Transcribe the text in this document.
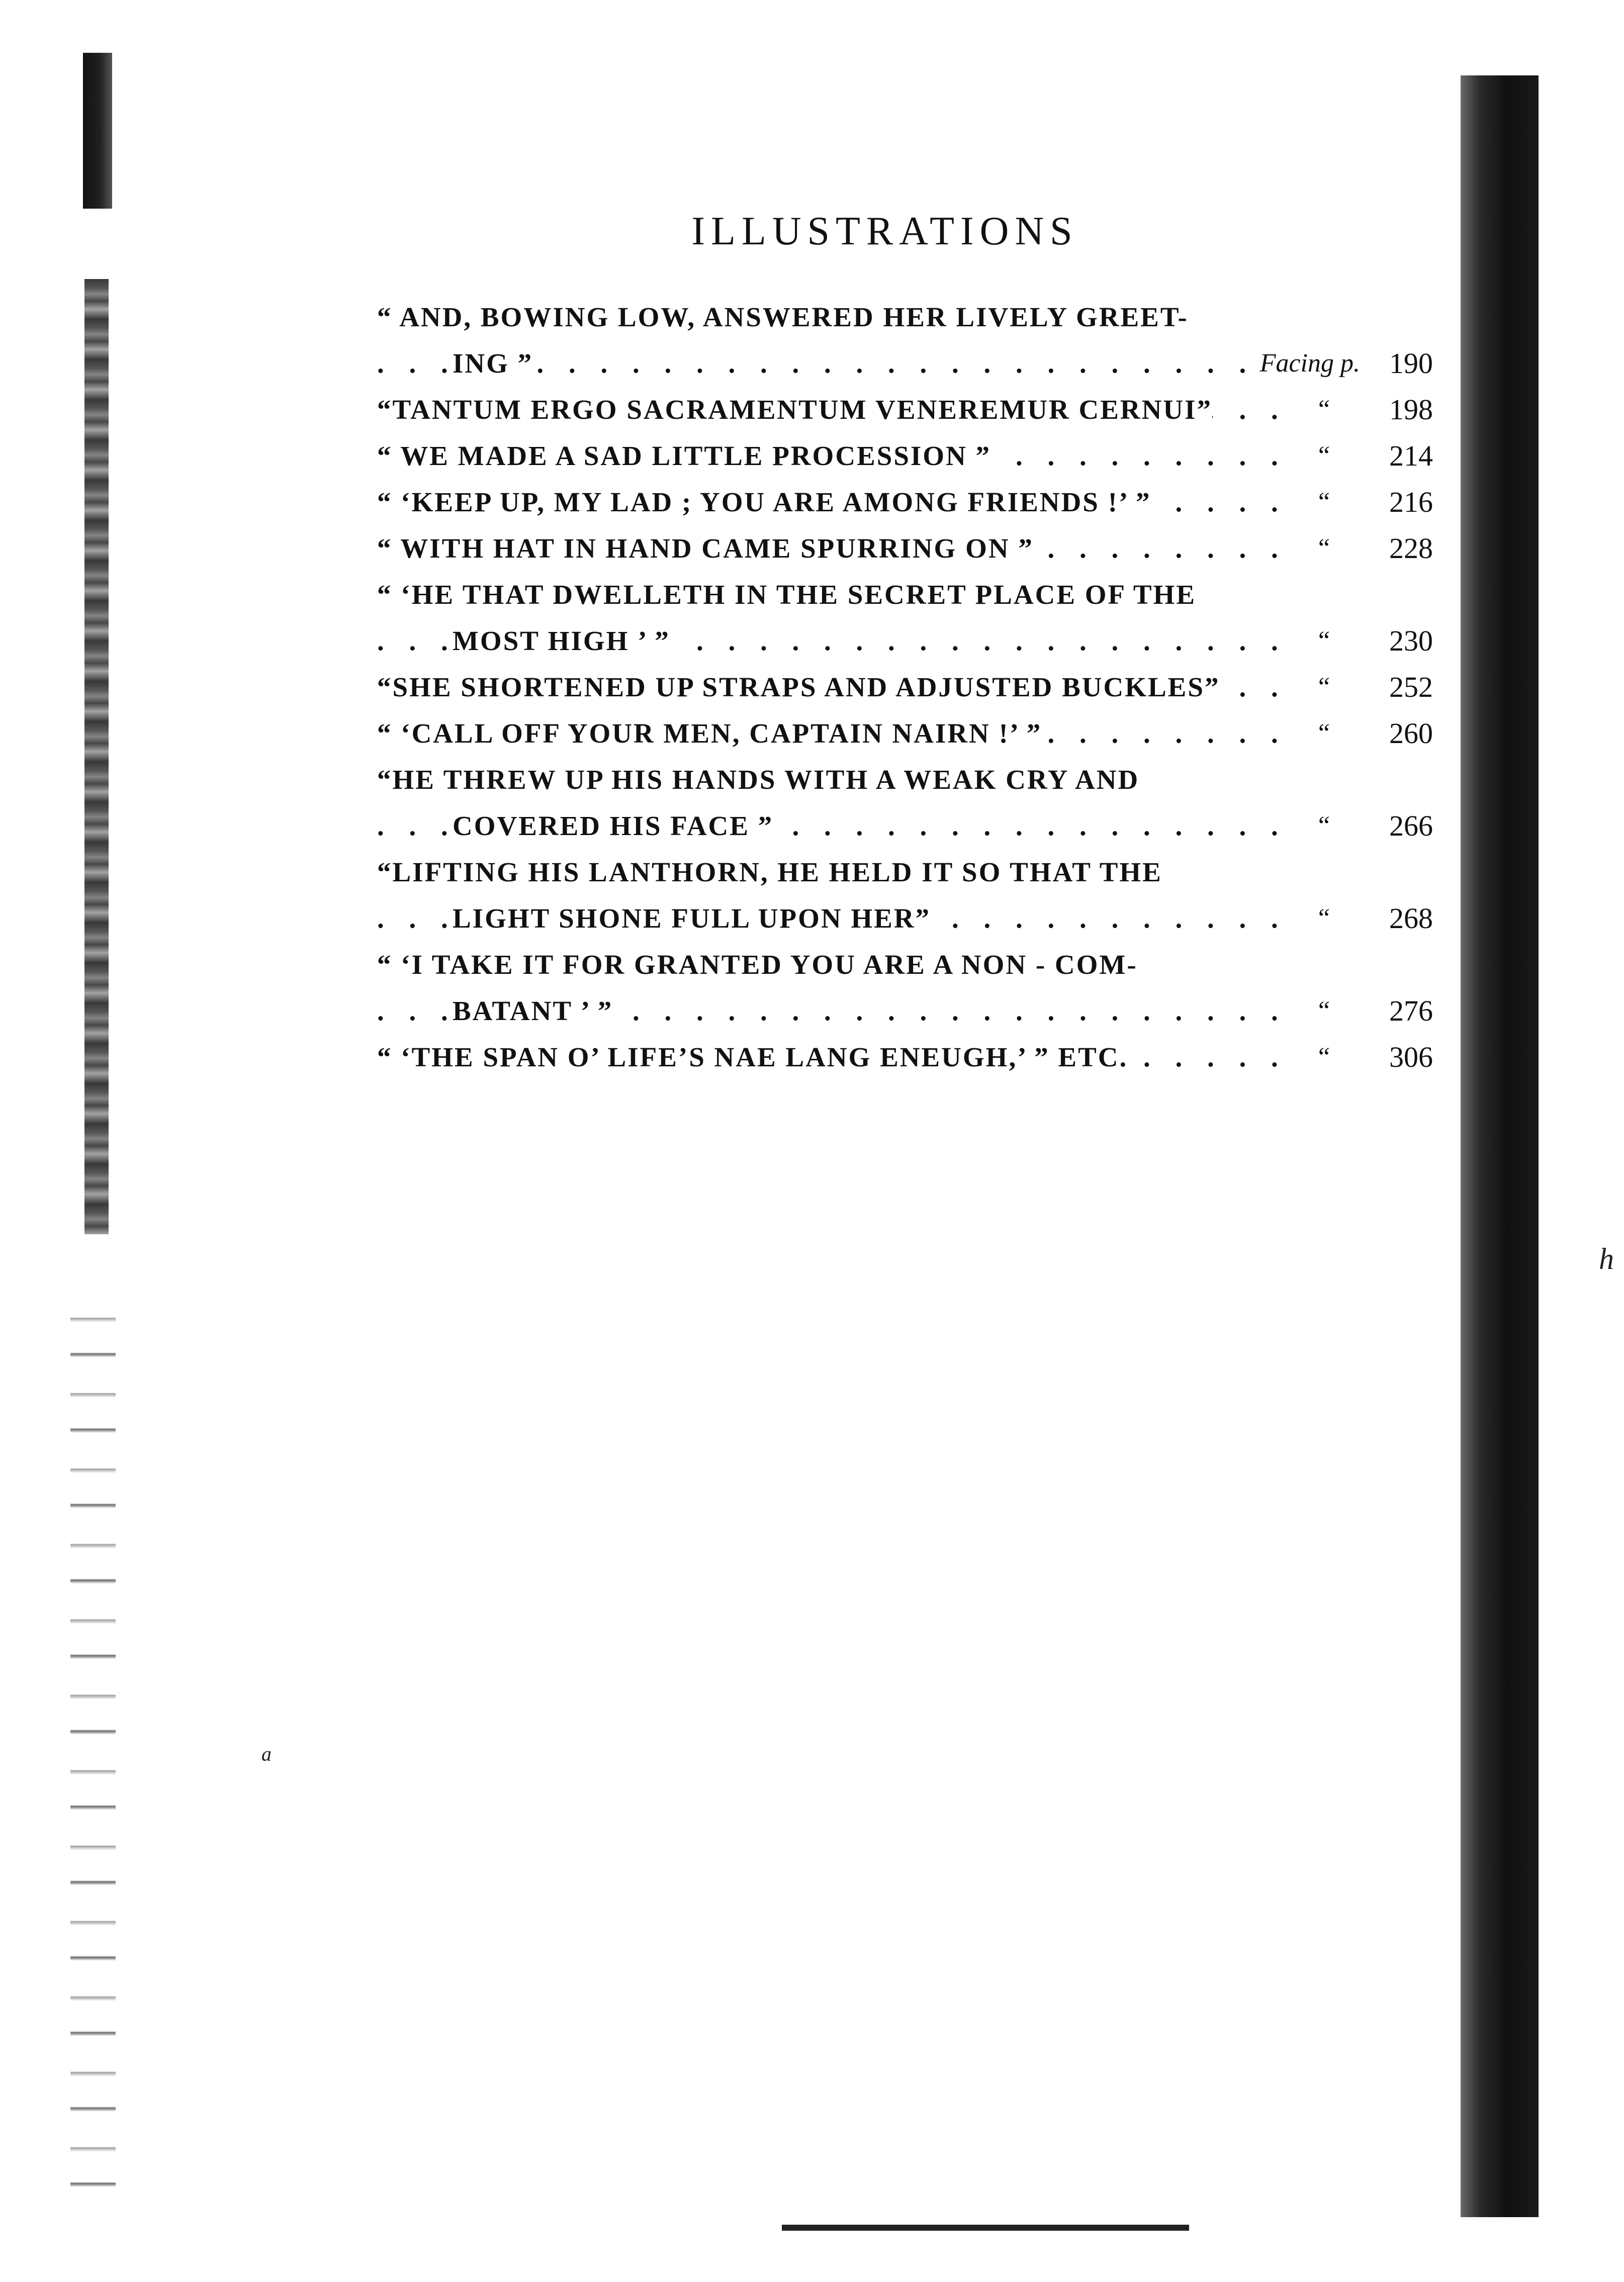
a
h
ILLUSTRATIONS
“ AND, BOWING LOW, ANSWERED HER LIVELY GREET-
. . .
ING ”	Facing p.	190
. . .
“TANTUM ERGO SACRAMENTUM VENEREMUR CERNUI”	“	198
. . .
“ WE MADE A SAD LITTLE PROCESSION ”	“	214
. . .
“ ‘KEEP UP, MY LAD ; YOU ARE AMONG FRIENDS !’ ”	“	216
. . .
“ WITH HAT IN HAND CAME SPURRING ON ”	“	228
“ ‘HE THAT DWELLETH IN THE SECRET PLACE OF THE
. . .
MOST HIGH ’ ”	“	230
. . .
“SHE SHORTENED UP STRAPS AND ADJUSTED BUCKLES”	“	252
. . .
“ ‘CALL OFF YOUR MEN, CAPTAIN NAIRN !’ ”	“	260
“HE THREW UP HIS HANDS WITH A WEAK CRY AND
. . .
COVERED HIS FACE ”	“	266
“LIFTING HIS LANTHORN, HE HELD IT SO THAT THE
. . .
LIGHT SHONE FULL UPON HER”	“	268
“ ‘I TAKE IT FOR GRANTED YOU ARE A NON - COM-
. . .
BATANT ’ ”	“	276
. . .
“ ‘THE SPAN O’ LIFE’S NAE LANG ENEUGH,’ ” ETC.	“	306
